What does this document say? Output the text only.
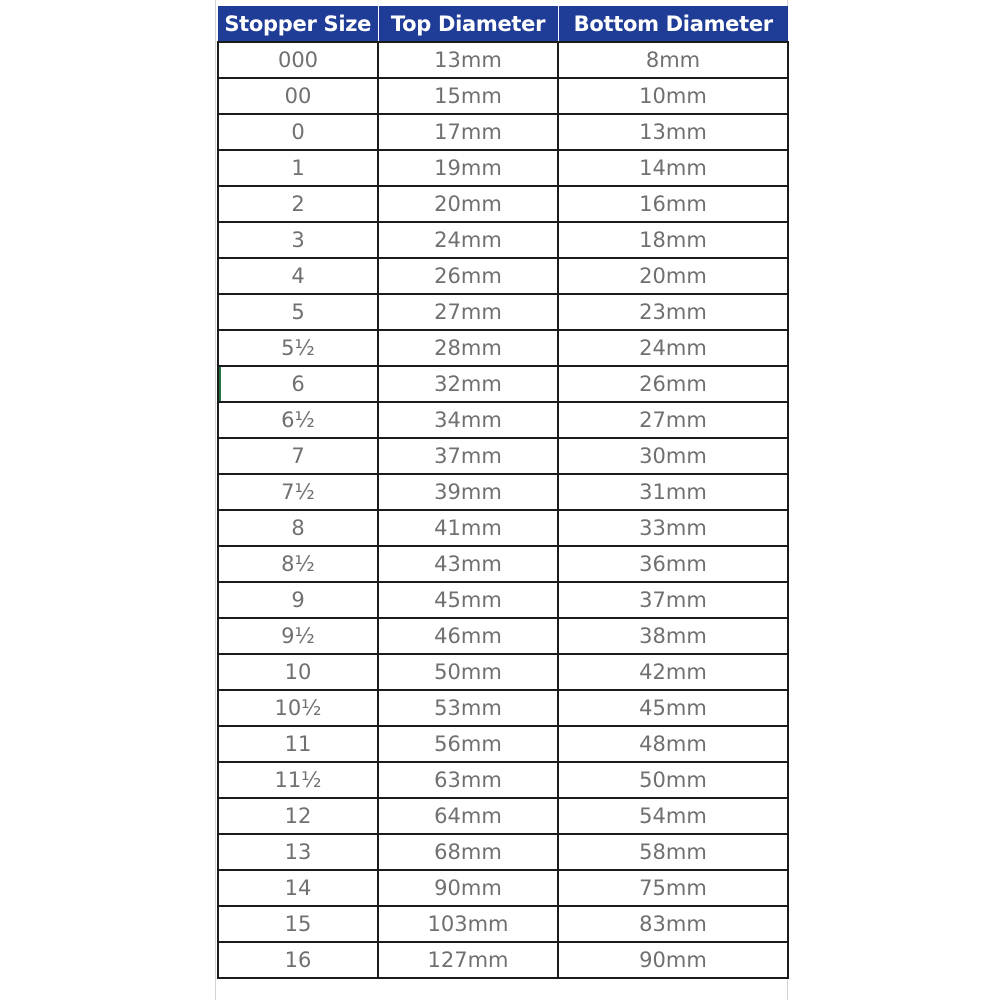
Stopper Size	Top Diameter	Bottom Diameter
000	13mm	8mm
00	15mm	10mm
0	17mm	13mm
1	19mm	14mm
2	20mm	16mm
3	24mm	18mm
4	26mm	20mm
5	27mm	23mm
5½	28mm	24mm
6	32mm	26mm
6½	34mm	27mm
7	37mm	30mm
7½	39mm	31mm
8	41mm	33mm
8½	43mm	36mm
9	45mm	37mm
9½	46mm	38mm
10	50mm	42mm
10½	53mm	45mm
11	56mm	48mm
11½	63mm	50mm
12	64mm	54mm
13	68mm	58mm
14	90mm	75mm
15	103mm	83mm
16	127mm	90mm
